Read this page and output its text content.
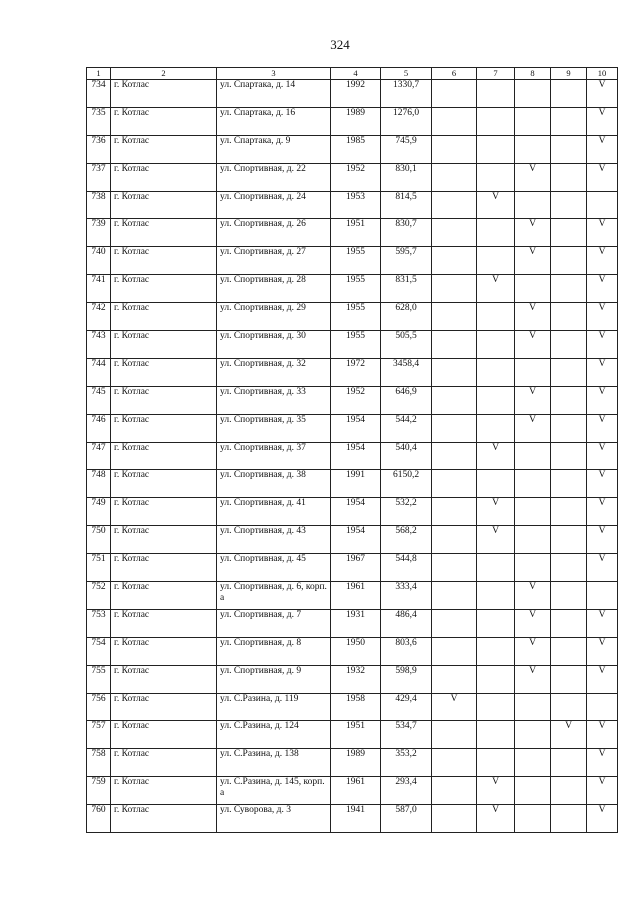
324
1	2	3	4	5	6	7	8	9	10
734	г. Котлас	ул. Спартака, д. 14	1992	1330,7					V
735	г. Котлас	ул. Спартака, д. 16	1989	1276,0					V
736	г. Котлас	ул. Спартака, д. 9	1985	745,9					V
737	г. Котлас	ул. Спортивная, д. 22	1952	830,1			V		V
738	г. Котлас	ул. Спортивная, д. 24	1953	814,5		V			
739	г. Котлас	ул. Спортивная, д. 26	1951	830,7			V		V
740	г. Котлас	ул. Спортивная, д. 27	1955	595,7			V		V
741	г. Котлас	ул. Спортивная, д. 28	1955	831,5		V			V
742	г. Котлас	ул. Спортивная, д. 29	1955	628,0			V		V
743	г. Котлас	ул. Спортивная, д. 30	1955	505,5			V		V
744	г. Котлас	ул. Спортивная, д. 32	1972	3458,4					V
745	г. Котлас	ул. Спортивная, д. 33	1952	646,9			V		V
746	г. Котлас	ул. Спортивная, д. 35	1954	544,2			V		V
747	г. Котлас	ул. Спортивная, д. 37	1954	540,4		V			V
748	г. Котлас	ул. Спортивная, д. 38	1991	6150,2					V
749	г. Котлас	ул. Спортивная, д. 41	1954	532,2		V			V
750	г. Котлас	ул. Спортивная, д. 43	1954	568,2		V			V
751	г. Котлас	ул. Спортивная, д. 45	1967	544,8					V
752	г. Котлас	ул. Спортивная, д. 6, корп. а	1961	333,4			V		
753	г. Котлас	ул. Спортивная, д. 7	1931	486,4			V		V
754	г. Котлас	ул. Спортивная, д. 8	1950	803,6			V		V
755	г. Котлас	ул. Спортивная, д. 9	1932	598,9			V		V
756	г. Котлас	ул. С.Разина, д. 119	1958	429,4	V				
757	г. Котлас	ул. С.Разина, д. 124	1951	534,7				V	V
758	г. Котлас	ул. С.Разина, д. 138	1989	353,2					V
759	г. Котлас	ул. С.Разина, д. 145, корп. а	1961	293,4		V			V
760	г. Котлас	ул. Суворова, д. 3	1941	587,0		V			V
